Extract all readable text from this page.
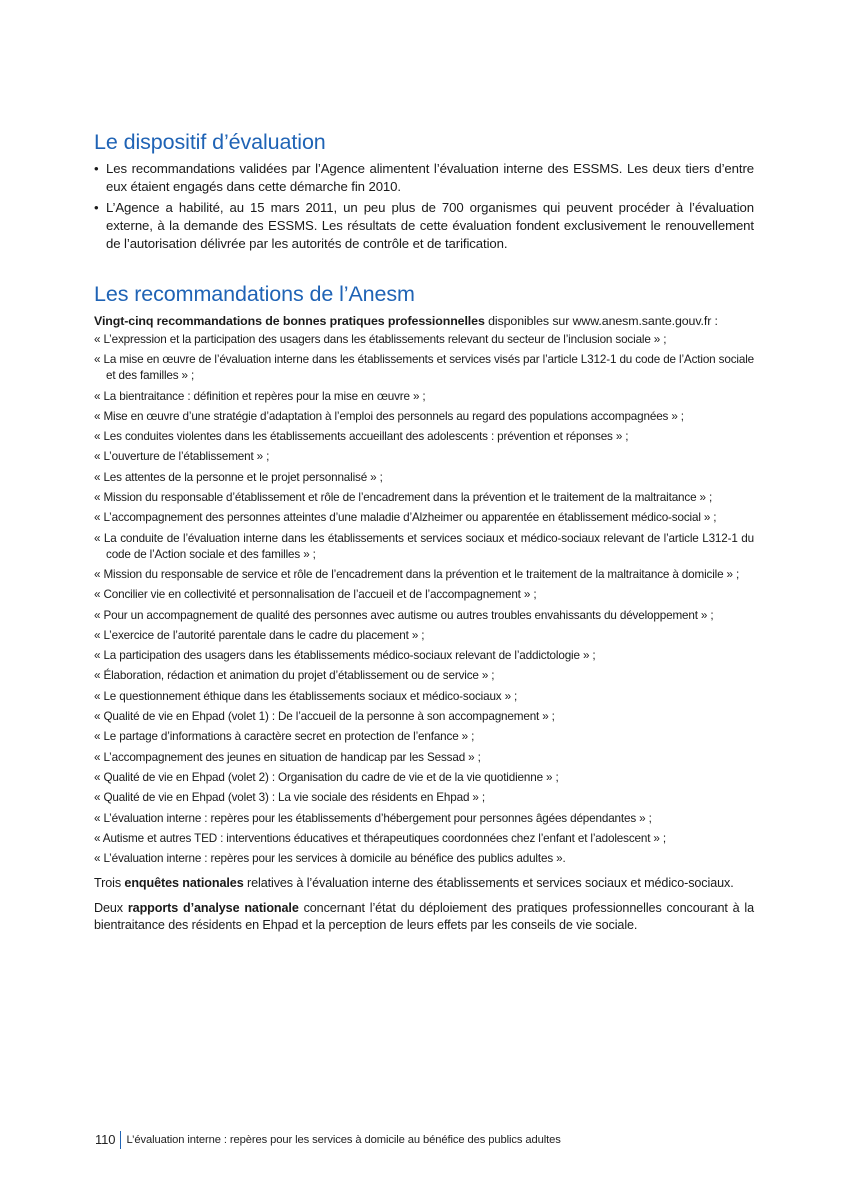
Le dispositif d’évaluation
• Les recommandations validées par l’Agence alimentent l’évaluation interne des ESSMS. Les deux tiers d’entre eux étaient engagés dans cette démarche fin 2010.
• L’Agence a habilité, au 15 mars 2011, un peu plus de 700 organismes qui peuvent procéder à l’évaluation externe, à la demande des ESSMS. Les résultats de cette évaluation fondent exclusivement le renouvellement de l’autorisation délivrée par les autorités de contrôle et de tarification.
Les recommandations de l’Anesm

Vingt-cinq recommandations de bonnes pratiques professionnelles disponibles sur www.anesm.sante.gouv.fr :

« L’expression et la participation des usagers dans les établissements relevant du secteur de l’inclusion sociale » ;
« La mise en œuvre de l’évaluation interne dans les établissements et services visés par l’article L312-1 du code de l’Action sociale et des familles » ;
« La bientraitance : définition et repères pour la mise en œuvre » ;
« Mise en œuvre d’une stratégie d’adaptation à l’emploi des personnels au regard des populations accompagnées » ;
« Les conduites violentes dans les établissements accueillant des adolescents : prévention et réponses » ;
« L’ouverture de l’établissement » ;
« Les attentes de la personne et le projet personnalisé » ;
« Mission du responsable d’établissement et rôle de l’encadrement dans la prévention et le traitement de la maltraitance » ;
« L’accompagnement des personnes atteintes d’une maladie d’Alzheimer ou apparentée en établissement médico-social » ;
« La conduite de l’évaluation interne dans les établissements et services sociaux et médico-sociaux relevant de l’article L312-1 du code de l’Action sociale et des familles » ;
« Mission du responsable de service et rôle de l’encadrement dans la prévention et le traitement de la maltraitance à domicile » ;
« Concilier vie en collectivité et personnalisation de l’accueil et de l’accompagnement » ;
« Pour un accompagnement de qualité des personnes avec autisme ou autres troubles envahissants du développement » ;
« L’exercice de l’autorité parentale dans le cadre du placement » ;
« La participation des usagers dans les établissements médico-sociaux relevant de l’addictologie » ;
« Élaboration, rédaction et animation du projet d’établissement ou de service » ;
« Le questionnement éthique dans les établissements sociaux et médico-sociaux » ;
« Qualité de vie en Ehpad (volet 1) : De l’accueil de la personne à son accompagnement » ;
« Le partage d’informations à caractère secret en protection de l’enfance » ;
« L’accompagnement des jeunes en situation de handicap par les Sessad » ;
« Qualité de vie en Ehpad (volet 2) : Organisation du cadre de vie et de la vie quotidienne » ;
« Qualité de vie en Ehpad (volet 3) : La vie sociale des résidents en Ehpad » ;
« L’évaluation interne : repères pour les établissements d’hébergement pour personnes âgées dépendantes » ;
« Autisme et autres TED : interventions éducatives et thérapeutiques coordonnées chez l’enfant et l’adolescent » ;
« L’évaluation interne : repères pour les services à domicile au bénéfice des publics adultes ».

Trois enquêtes nationales relatives à l’évaluation interne des établissements et services sociaux et médico-sociaux.

Deux rapports d’analyse nationale concernant l’état du déploiement des pratiques professionnelles concourant à la bientraitance des résidents en Ehpad et la perception de leurs effets par les conseils de vie sociale.

110 L’évaluation interne : repères pour les services à domicile au bénéfice des publics adultes
